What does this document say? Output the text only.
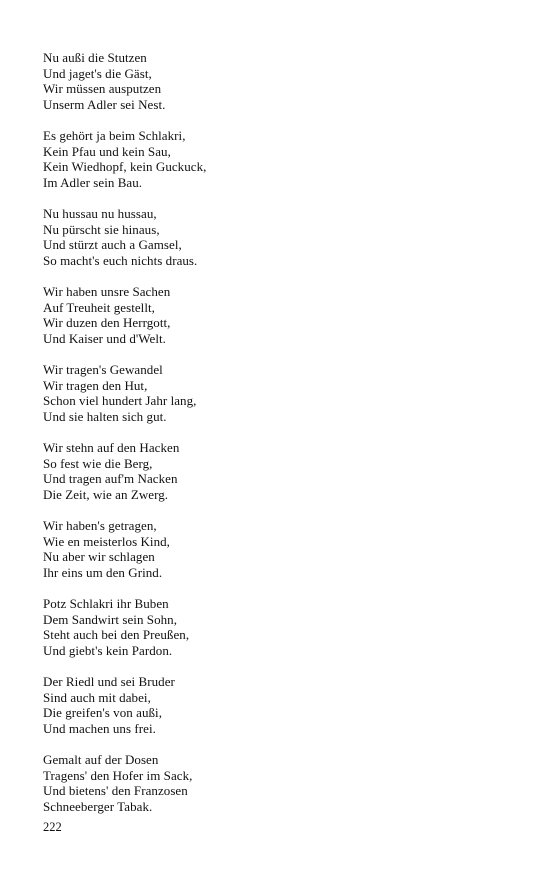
Nu außi die Stutzen
Und jaget's die Gäst,
Wir müssen ausputzen
Unserm Adler sei Nest.
Es gehört ja beim Schlakri,
Kein Pfau und kein Sau,
Kein Wiedhopf, kein Guckuck,
Im Adler sein Bau.
Nu hussau nu hussau,
Nu pürscht sie hinaus,
Und stürzt auch a Gamsel,
So macht's euch nichts draus.
Wir haben unsre Sachen
Auf Treuheit gestellt,
Wir duzen den Herrgott,
Und Kaiser und d'Welt.
Wir tragen's Gewandel
Wir tragen den Hut,
Schon viel hundert Jahr lang,
Und sie halten sich gut.
Wir stehn auf den Hacken
So fest wie die Berg,
Und tragen auf'm Nacken
Die Zeit, wie an Zwerg.
Wir haben's getragen,
Wie en meisterlos Kind,
Nu aber wir schlagen
Ihr eins um den Grind.
Potz Schlakri ihr Buben
Dem Sandwirt sein Sohn,
Steht auch bei den Preußen,
Und giebt's kein Pardon.
Der Riedl und sei Bruder
Sind auch mit dabei,
Die greifen's von außi,
Und machen uns frei.
Gemalt auf der Dosen
Tragens' den Hofer im Sack,
Und bietens' den Franzosen
Schneeberger Tabak.
222
